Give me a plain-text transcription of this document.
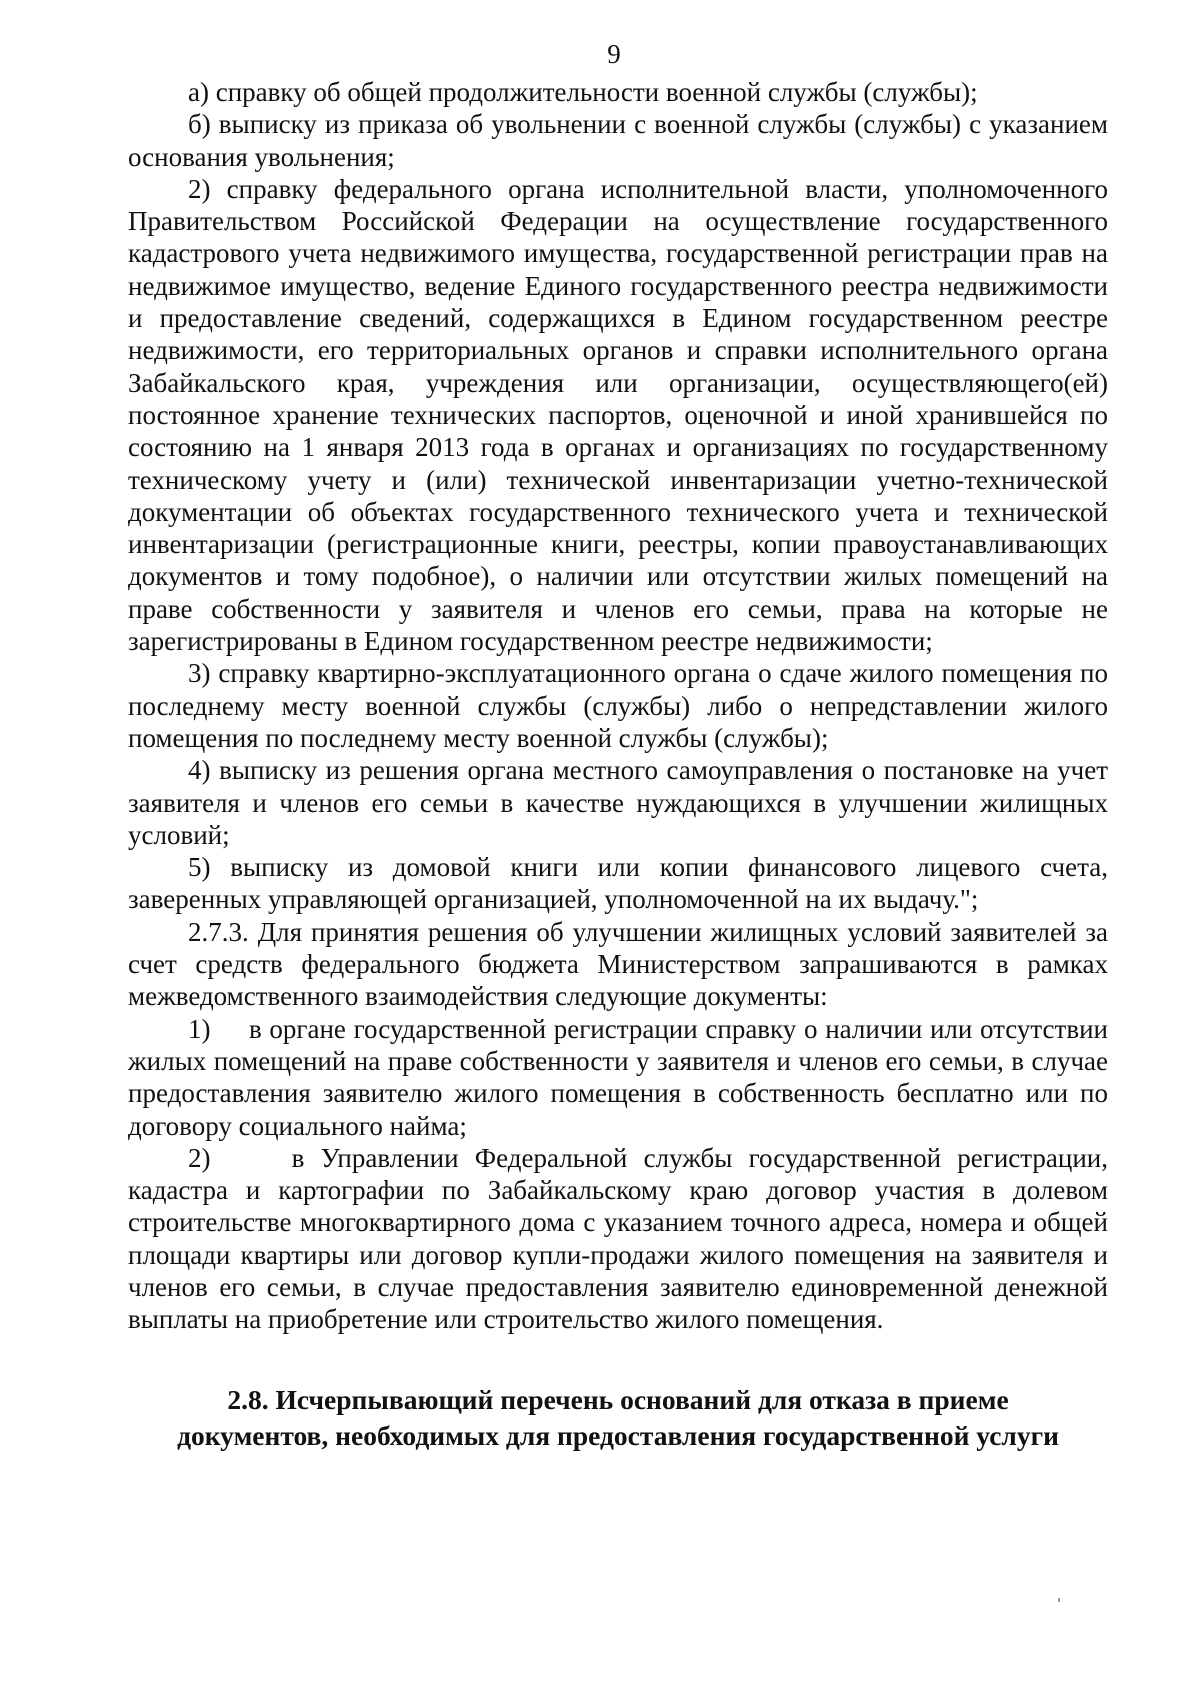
9

а) справку об общей продолжительности военной службы (службы);

б) выписку из приказа об увольнении с военной службы (службы) с указанием основания увольнения;

2) справку федерального органа исполнительной власти, уполномоченного Правительством Российской Федерации на осуществление государственного кадастрового учета недвижимого имущества, государственной регистрации прав на недвижимое имущество, ведение Единого государственного реестра недвижимости и предоставление сведений, содержащихся в Едином государственном реестре недвижимости, его территориальных органов и справки исполнительного органа Забайкальского края, учреждения или организации, осуществляющего(ей) постоянное хранение технических паспортов, оценочной и иной хранившейся по состоянию на 1 января 2013 года в органах и организациях по государственному техническому учету и (или) технической инвентаризации учетно-технической документации об объектах государственного технического учета и технической инвентаризации (регистрационные книги, реестры, копии правоустанавливающих документов и тому подобное), о наличии или отсутствии жилых помещений на праве собственности у заявителя и членов его семьи, права на которые не зарегистрированы в Едином государственном реестре недвижимости;

3) справку квартирно-эксплуатационного органа о сдаче жилого помещения по последнему месту военной службы (службы) либо о непредставлении жилого помещения по последнему месту военной службы (службы);

4) выписку из решения органа местного самоуправления о постановке на учет заявителя и членов его семьи в качестве нуждающихся в улучшении жилищных условий;

5) выписку из домовой книги или копии финансового лицевого счета, заверенных управляющей организацией, уполномоченной на их выдачу.";

2.7.3. Для принятия решения об улучшении жилищных условий заявителей за счет средств федерального бюджета Министерством запрашиваются в рамках межведомственного взаимодействия следующие документы:

1)     в органе государственной регистрации справку о наличии или отсутствии жилых помещений на праве собственности у заявителя и членов его семьи, в случае предоставления заявителю жилого помещения в собственность бесплатно или по договору социального найма;

2)     в Управлении Федеральной службы государственной регистрации, кадастра и картографии по Забайкальскому краю договор участия в долевом строительстве многоквартирного дома с указанием точного адреса, номера и общей площади квартиры или договор купли-продажи жилого помещения на заявителя и членов его семьи, в случае предоставления заявителю единовременной денежной выплаты на приобретение или строительство жилого помещения.

2.8. Исчерпывающий перечень оснований для отказа в приеме
документов, необходимых для предоставления государственной услуги
